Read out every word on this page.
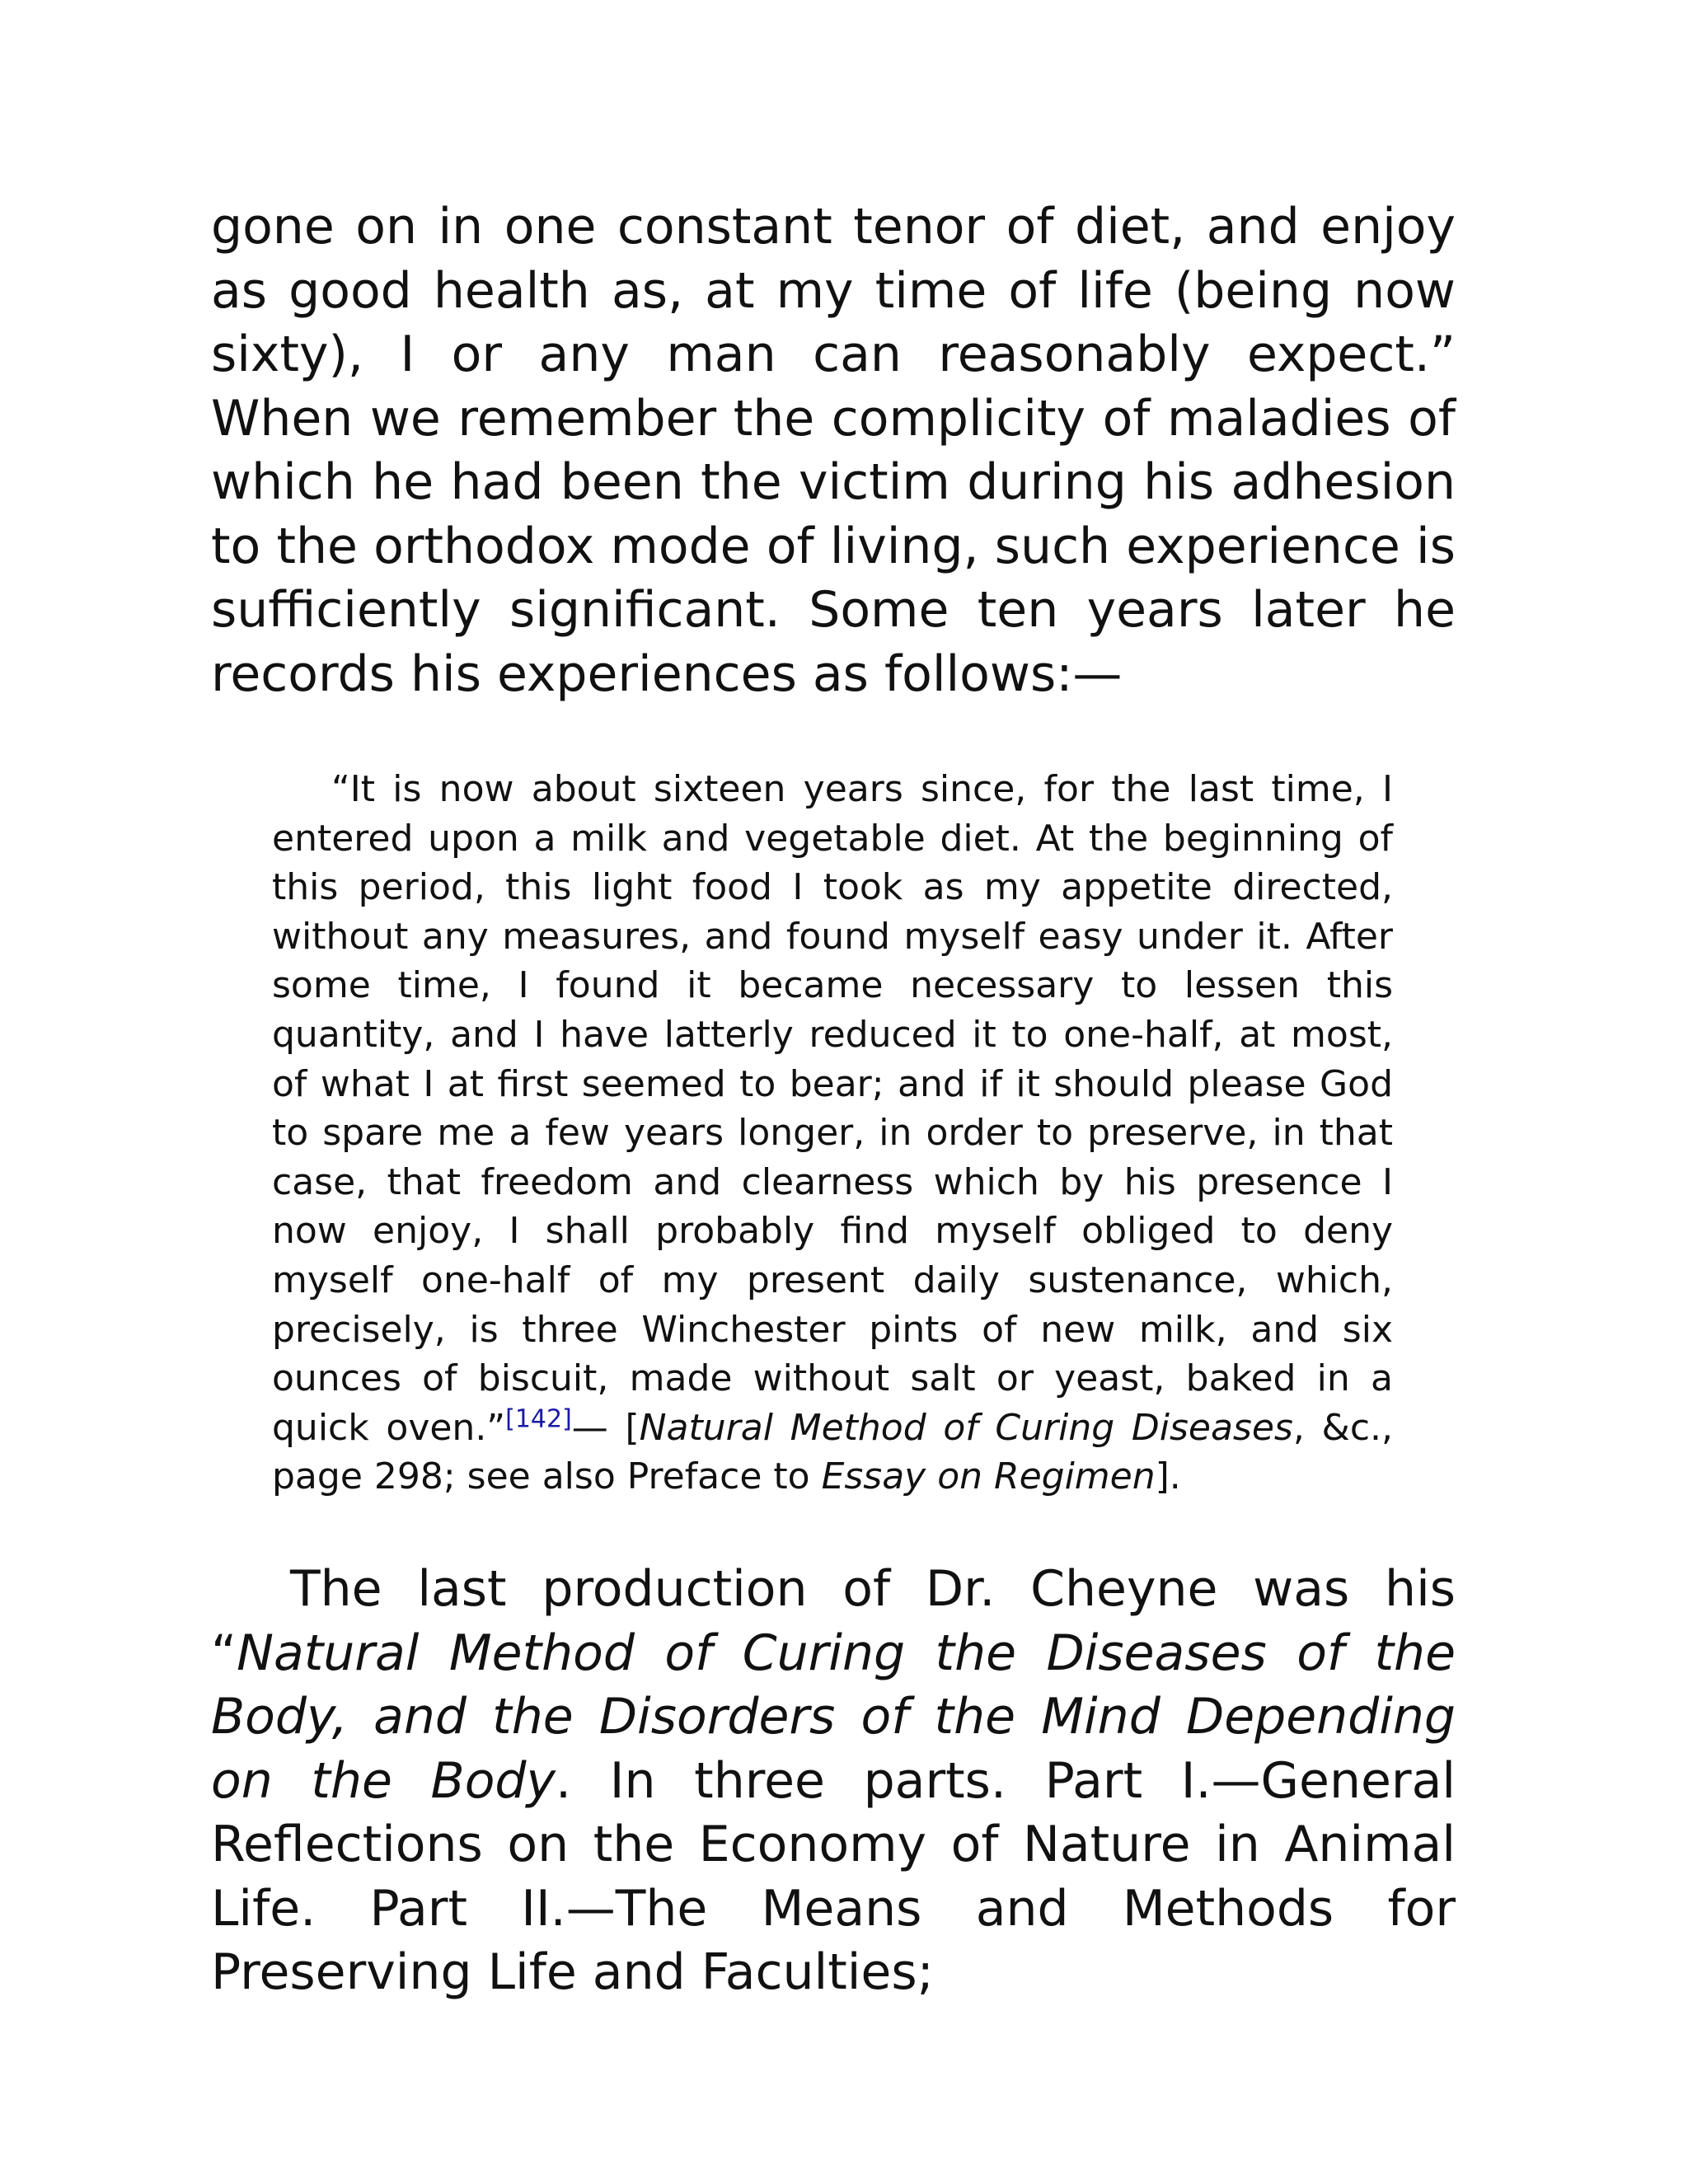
gone on in one constant tenor of diet, and enjoy as good health as, at my time of life (being now sixty), I or any man can reasonably expect.” When we remember the complicity of maladies of which he had been the victim during his adhesion to the orthodox mode of living, such experience is sufficiently significant. Some ten years later he records his experiences as follows:—

“It is now about sixteen years since, for the last time, I entered upon a milk and vegetable diet. At the beginning of this period, this light food I took as my appetite directed, without any measures, and found myself easy under it. After some time, I found it became necessary to lessen this quantity, and I have latterly reduced it to one-half, at most, of what I at first seemed to bear; and if it should please God to spare me a few years longer, in order to preserve, in that case, that freedom and clearness which by his presence I now enjoy, I shall probably find myself obliged to deny myself one-half of my present daily sustenance, which, precisely, is three Winchester pints of new milk, and six ounces of biscuit, made without salt or yeast, baked in a quick oven.”[142]— [Natural Method of Curing Diseases, &c., page 298; see also Preface to Essay on Regimen].

The last production of Dr. Cheyne was his “Natural Method of Curing the Diseases of the Body, and the Disorders of the Mind Depending on the Body. In three parts. Part I.—General Reflections on the Economy of Nature in Animal Life. Part II.—The Means and Methods for Preserving Life and Faculties;
